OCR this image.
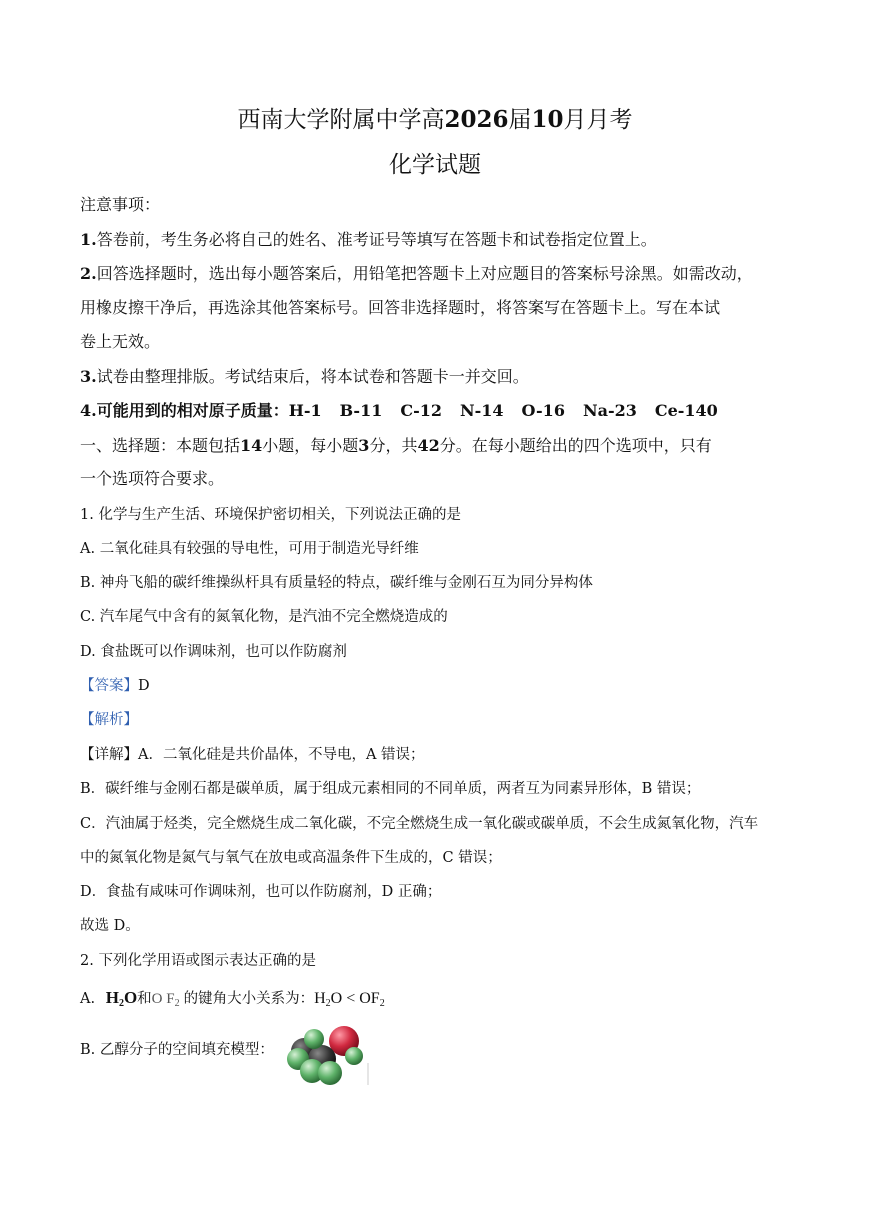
西南大学附属中学高2026届10月月考
化学试题
注意事项：
1.答卷前，考生务必将自己的姓名、准考证号等填写在答题卡和试卷指定位置上。
2.回答选择题时，选出每小题答案后，用铅笔把答题卡上对应题目的答案标号涂黑。如需改动，
用橡皮擦干净后，再选涂其他答案标号。回答非选择题时，将答案写在答题卡上。写在本试
卷上无效。
3.试卷由整理排版。考试结束后，将本试卷和答题卡一并交回。
4.可能用到的相对原子质量：H-1 B-11 C-12 N-14 O-16 Na-23 Ce-140
一、选择题：本题包括14小题，每小题3分，共42分。在每小题给出的四个选项中，只有
一个选项符合要求。
1. 化学与生产生活、环境保护密切相关，下列说法正确的是
A. 二氧化硅具有较强的导电性，可用于制造光导纤维
B. 神舟飞船的碳纤维操纵杆具有质量轻的特点，碳纤维与金刚石互为同分异构体
C. 汽车尾气中含有的氮氧化物，是汽油不完全燃烧造成的
D. 食盐既可以作调味剂，也可以作防腐剂
【答案】D
【解析】
【详解】A．二氧化硅是共价晶体，不导电，A 错误；
B．碳纤维与金刚石都是碳单质，属于组成元素相同的不同单质，两者互为同素异形体，B 错误；
C．汽油属于烃类，完全燃烧生成二氧化碳，不完全燃烧生成一氧化碳或碳单质，不会生成氮氧化物，汽车
中的氮氧化物是氮气与氧气在放电或高温条件下生成的，C 错误；
D．食盐有咸味可作调味剂，也可以作防腐剂，D 正确；
故选 D。
2. 下列化学用语或图示表达正确的是
A. $H_2O$和O $F_2$ 的键角大小关系为：$H_2O < OF_2$
B. 乙醇分子的空间填充模型：
